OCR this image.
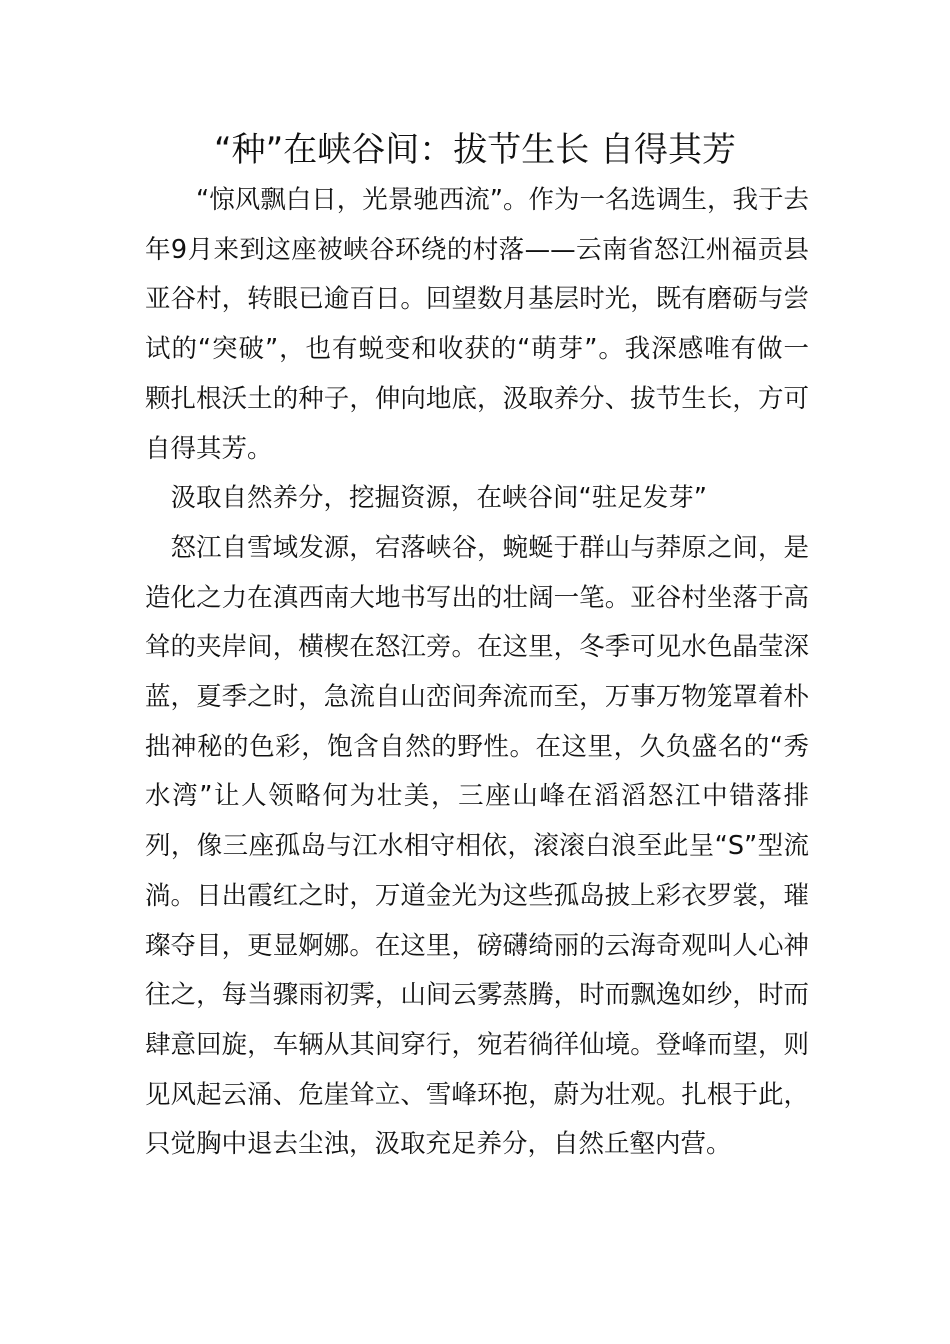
“种”在峡谷间：拔节生长 自得其芳

“惊风飘白日，光景驰西流”。作为一名选调生，我于去年9月来到这座被峡谷环绕的村落——云南省怒江州福贡县亚谷村，转眼已逾百日。回望数月基层时光，既有磨砺与尝试的“突破”，也有蜕变和收获的“萌芽”。我深感唯有做一颗扎根沃土的种子，伸向地底，汲取养分、拔节生长，方可自得其芳。

汲取自然养分，挖掘资源，在峡谷间“驻足发芽”

怒江自雪域发源，宕落峡谷，蜿蜒于群山与莽原之间，是造化之力在滇西南大地书写出的壮阔一笔。亚谷村坐落于高耸的夹岸间，横楔在怒江旁。在这里，冬季可见水色晶莹深蓝，夏季之时，急流自山峦间奔流而至，万事万物笼罩着朴拙神秘的色彩，饱含自然的野性。在这里，久负盛名的“秀水湾”让人领略何为壮美，三座山峰在滔滔怒江中错落排列，像三座孤岛与江水相守相依，滚滚白浪至此呈“S”型流淌。日出霞红之时，万道金光为这些孤岛披上彩衣罗裳，璀璨夺目，更显婀娜。在这里，磅礴绮丽的云海奇观叫人心神往之，每当骤雨初霁，山间云雾蒸腾，时而飘逸如纱，时而肆意回旋，车辆从其间穿行，宛若徜徉仙境。登峰而望，则见风起云涌、危崖耸立、雪峰环抱，蔚为壮观。扎根于此，只觉胸中退去尘浊，汲取充足养分，自然丘壑内营。
